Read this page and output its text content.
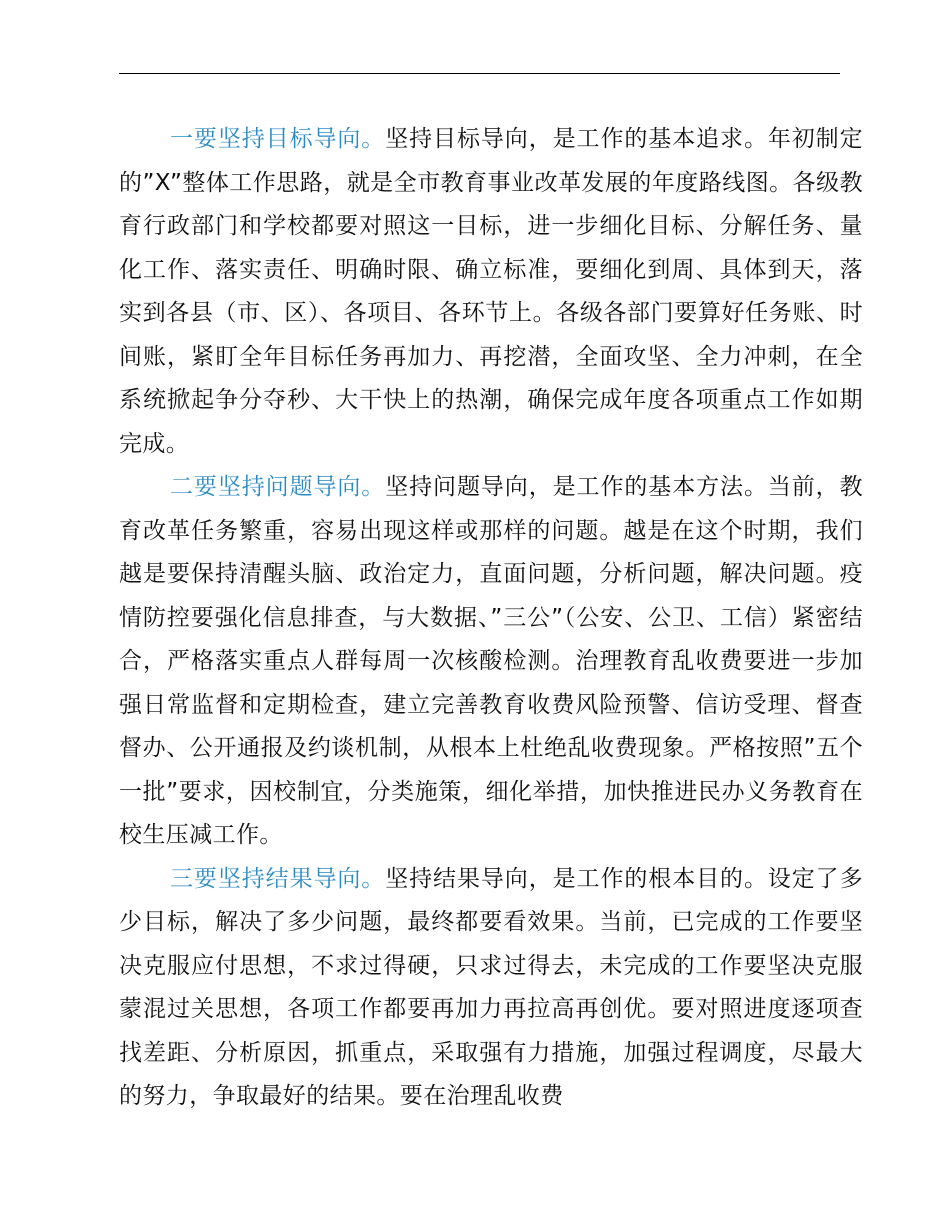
一要坚持目标导向。坚持目标导向，是工作的基本追求。年初制定的”X”整体工作思路，就是全市教育事业改革发展的年度路线图。各级教育行政部门和学校都要对照这一目标，进一步细化目标、分解任务、量化工作、落实责任、明确时限、确立标准，要细化到周、具体到天，落实到各县（市、区）、各项目、各环节上。各级各部门要算好任务账、时间账，紧盯全年目标任务再加力、再挖潜，全面攻坚、全力冲刺，在全系统掀起争分夺秒、大干快上的热潮，确保完成年度各项重点工作如期完成。

二要坚持问题导向。坚持问题导向，是工作的基本方法。当前，教育改革任务繁重，容易出现这样或那样的问题。越是在这个时期，我们越是要保持清醒头脑、政治定力，直面问题，分析问题，解决问题。疫情防控要强化信息排查，与大数据、”三公”（公安、公卫、工信）紧密结合，严格落实重点人群每周一次核酸检测。治理教育乱收费要进一步加强日常监督和定期检查，建立完善教育收费风险预警、信访受理、督查督办、公开通报及约谈机制，从根本上杜绝乱收费现象。严格按照”五个一批”要求，因校制宜，分类施策，细化举措，加快推进民办义务教育在校生压减工作。

三要坚持结果导向。坚持结果导向，是工作的根本目的。设定了多少目标，解决了多少问题，最终都要看效果。当前，已完成的工作要坚决克服应付思想，不求过得硬，只求过得去，未完成的工作要坚决克服蒙混过关思想，各项工作都要再加力再拉高再创优。要对照进度逐项查找差距、分析原因，抓重点，采取强有力措施，加强过程调度，尽最大的努力，争取最好的结果。要在治理乱收费
